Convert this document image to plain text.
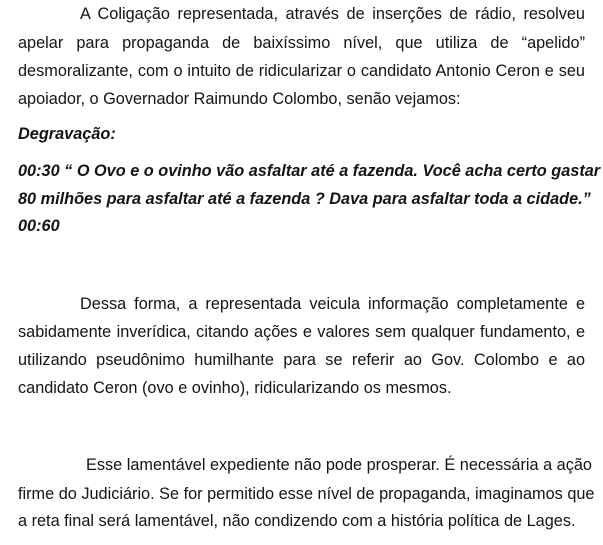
A Coligação representada, através de inserções de rádio, resolveu
apelar para propaganda de baixíssimo nível, que utiliza de “apelido”
desmoralizante, com o intuito de ridicularizar o candidato Antonio Ceron e seu
apoiador, o Governador Raimundo Colombo, senão vejamos:
Degravação:
00:30 “ O Ovo e o ovinho vão asfaltar até a fazenda. Você acha certo gastar
80 milhões para asfaltar até a fazenda ? Dava para asfaltar toda a cidade.”
00:60
Dessa forma, a representada veicula informação completamente e
sabidamente inverídica, citando ações e valores sem qualquer fundamento, e
utilizando pseudônimo humilhante para se referir ao Gov. Colombo e ao
candidato Ceron (ovo e ovinho), ridicularizando os mesmos.
Esse lamentável expediente não pode prosperar. É necessária a ação
firme do Judiciário. Se for permitido esse nível de propaganda, imaginamos que
a reta final será lamentável, não condizendo com a história política de Lages.
